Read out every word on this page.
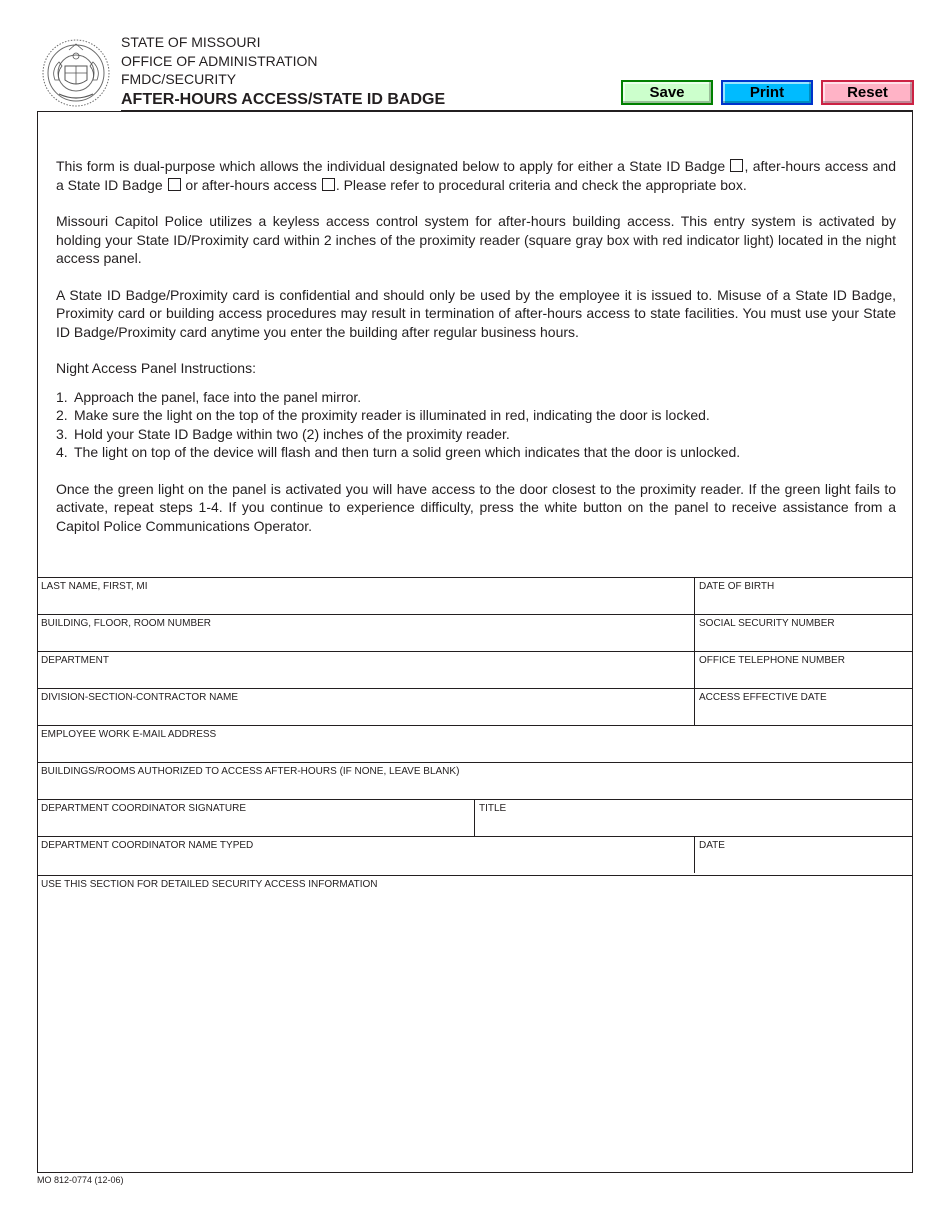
STATE OF MISSOURI
OFFICE OF ADMINISTRATION
FMDC/SECURITY
AFTER-HOURS ACCESS/STATE ID BADGE	Save	Print	Reset

This form is dual-purpose which allows the individual designated below to apply for either a State ID Badge , after-hours access and a State ID Badge or after-hours access . Please refer to procedural criteria and check the appropriate box.

Missouri Capitol Police utilizes a keyless access control system for after-hours building access. This entry system is activated by holding your State ID/Proximity card within 2 inches of the proximity reader (square gray box with red indicator light) located in the night access panel.

A State ID Badge/Proximity card is confidential and should only be used by the employee it is issued to. Misuse of a State ID Badge, Proximity card or building access procedures may result in termination of after-hours access to state facilities. You must use your State ID Badge/Proximity card anytime you enter the building after regular business hours.

Night Access Panel Instructions:

1. Approach the panel, face into the panel mirror.
2. Make sure the light on the top of the proximity reader is illuminated in red, indicating the door is locked.
3. Hold your State ID Badge within two (2) inches of the proximity reader.
4. The light on top of the device will flash and then turn a solid green which indicates that the door is unlocked.

Once the green light on the panel is activated you will have access to the door closest to the proximity reader. If the green light fails to activate, repeat steps 1-4. If you continue to experience difficulty, press the white button on the panel to receive assistance from a Capitol Police Communications Operator.

LAST NAME, FIRST, MI	DATE OF BIRTH
BUILDING, FLOOR, ROOM NUMBER	SOCIAL SECURITY NUMBER
DEPARTMENT	OFFICE TELEPHONE NUMBER
DIVISION-SECTION-CONTRACTOR NAME	ACCESS EFFECTIVE DATE
EMPLOYEE WORK E-MAIL ADDRESS
BUILDINGS/ROOMS AUTHORIZED TO ACCESS AFTER-HOURS (IF NONE, LEAVE BLANK)
DEPARTMENT COORDINATOR SIGNATURE	TITLE
DEPARTMENT COORDINATOR NAME TYPED	DATE
USE THIS SECTION FOR DETAILED SECURITY ACCESS INFORMATION
MO 812-0774 (12-06)
